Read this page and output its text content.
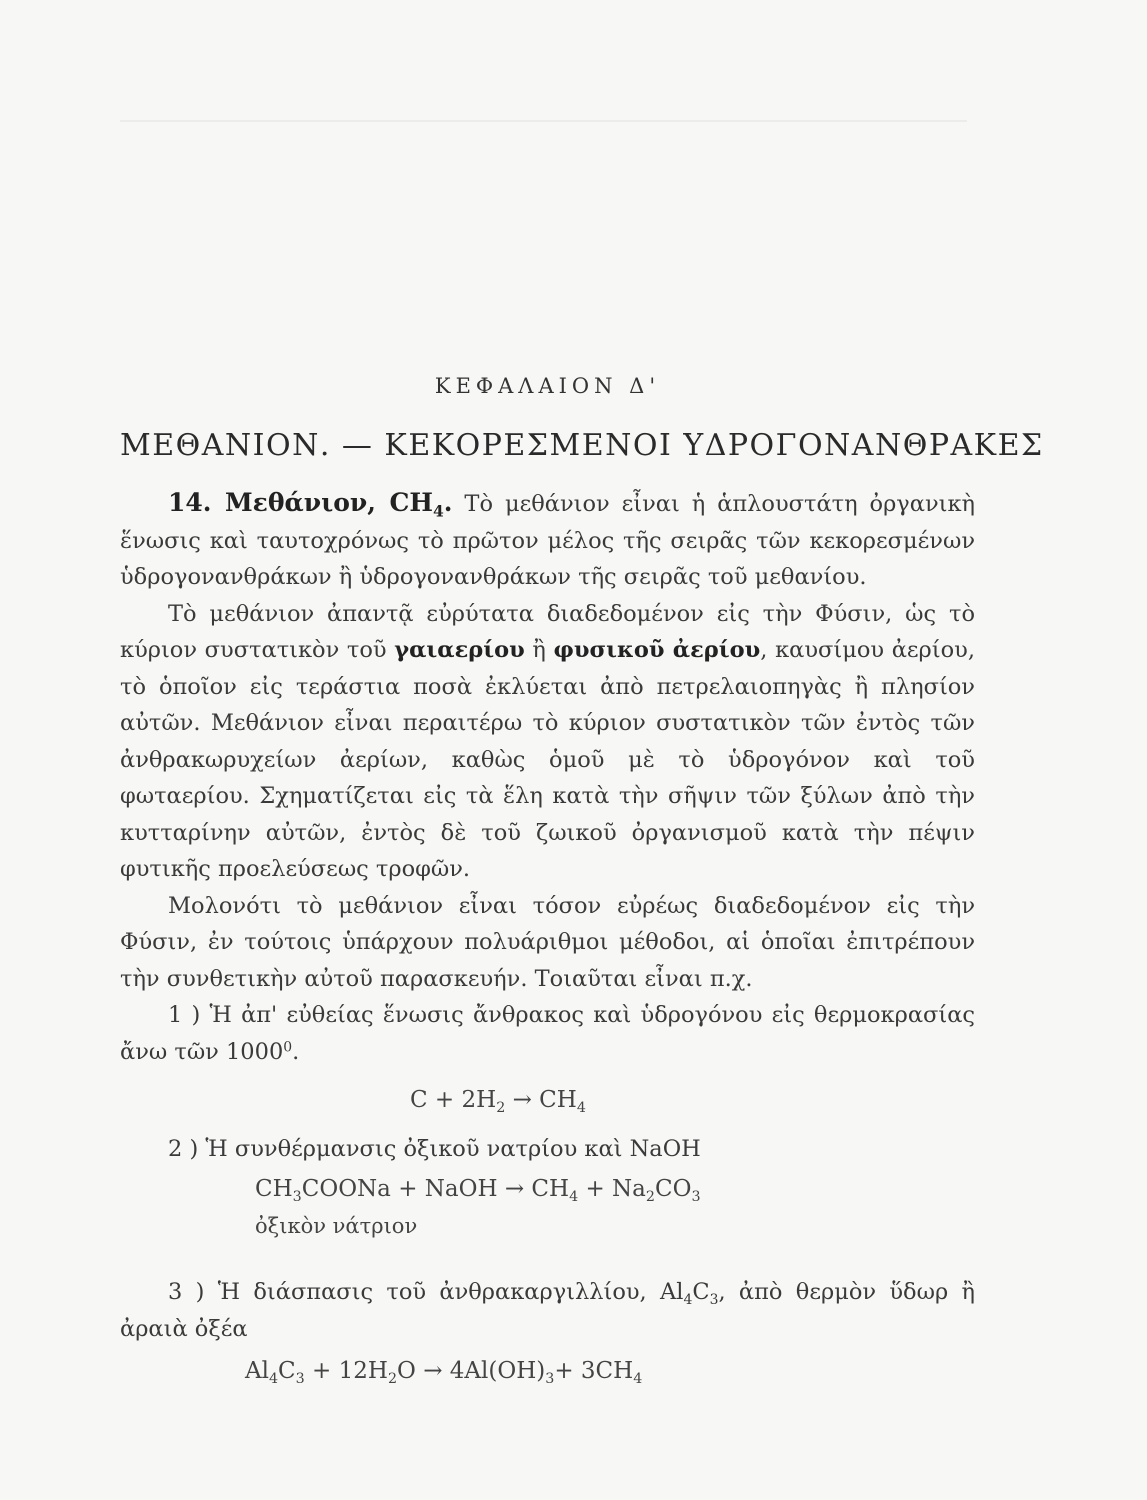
ΚΕΦΑΛΑΙΟΝ Δ'
ΜΕΘΑΝΙΟΝ. — ΚΕΚΟΡΕΣΜΕΝΟΙ ΥΔΡΟΓΟΝΑΝΘΡΑΚΕΣ

14. Μεθάνιον, $CH_4$. Τὸ μεθάνιον εἶναι ἡ ἁπλουστάτη ὀργανικὴ ἕνωσις καὶ ταυτοχρόνως τὸ πρῶτον μέλος τῆς σειρᾶς τῶν κεκορεσμένων ὑδρογονανθράκων ἢ ὑδρογονανθράκων τῆς σειρᾶς τοῦ μεθανίου.

Τὸ μεθάνιον ἀπαντᾷ εὐρύτατα διαδεδομένον εἰς τὴν Φύσιν, ὡς τὸ κύριον συστατικὸν τοῦ γαιαερίου ἢ φυσικοῦ ἀερίου, καυσίμου ἀερίου, τὸ ὁποῖον εἰς τεράστια ποσὰ ἐκλύεται ἀπὸ πετρελαιοπηγὰς ἢ πλησίον αὐτῶν. Μεθάνιον εἶναι περαιτέρω τὸ κύριον συστατικὸν τῶν ἐντὸς τῶν ἀνθρακωρυχείων ἀερίων, καθὼς ὁμοῦ μὲ τὸ ὑδρογόνον καὶ τοῦ φωταερίου. Σχηματίζεται εἰς τὰ ἕλη κατὰ τὴν σῆψιν τῶν ξύλων ἀπὸ τὴν κυτταρίνην αὐτῶν, ἐντὸς δὲ τοῦ ζωικοῦ ὀργανισμοῦ κατὰ τὴν πέψιν φυτικῆς προελεύσεως τροφῶν.

Μολονότι τὸ μεθάνιον εἶναι τόσον εὐρέως διαδεδομένον εἰς τὴν Φύσιν, ἐν τούτοις ὑπάρχουν πολυάριθμοι μέθοδοι, αἱ ὁποῖαι ἐπιτρέπουν τὴν συνθετικὴν αὐτοῦ παρασκευήν. Τοιαῦται εἶναι π.χ.

1 ) Ἡ ἀπ' εὐθείας ἕνωσις ἄνθρακος καὶ ὑδρογόνου εἰς θερμοκρασίας ἄνω τῶν 1000$^0$.

$C + 2H_2 \to CH_4$

2 ) Ἡ συνθέρμανσις ὀξικοῦ νατρίου καὶ NaOH

$CH_3COONa$ + NaOH → $CH_4 + Na_2CO_3$
ὀξικὸν νάτριον

3 ) Ἡ διάσπασις τοῦ ἀνθρακαργιλλίου, $Al_4C_3$, ἀπὸ θερμὸν ὕδωρ ἢ ἀραιὰ ὀξέα

$Al_4C_3 + 12H_2O \to 4Al(OH)_3+ 3CH_4$
